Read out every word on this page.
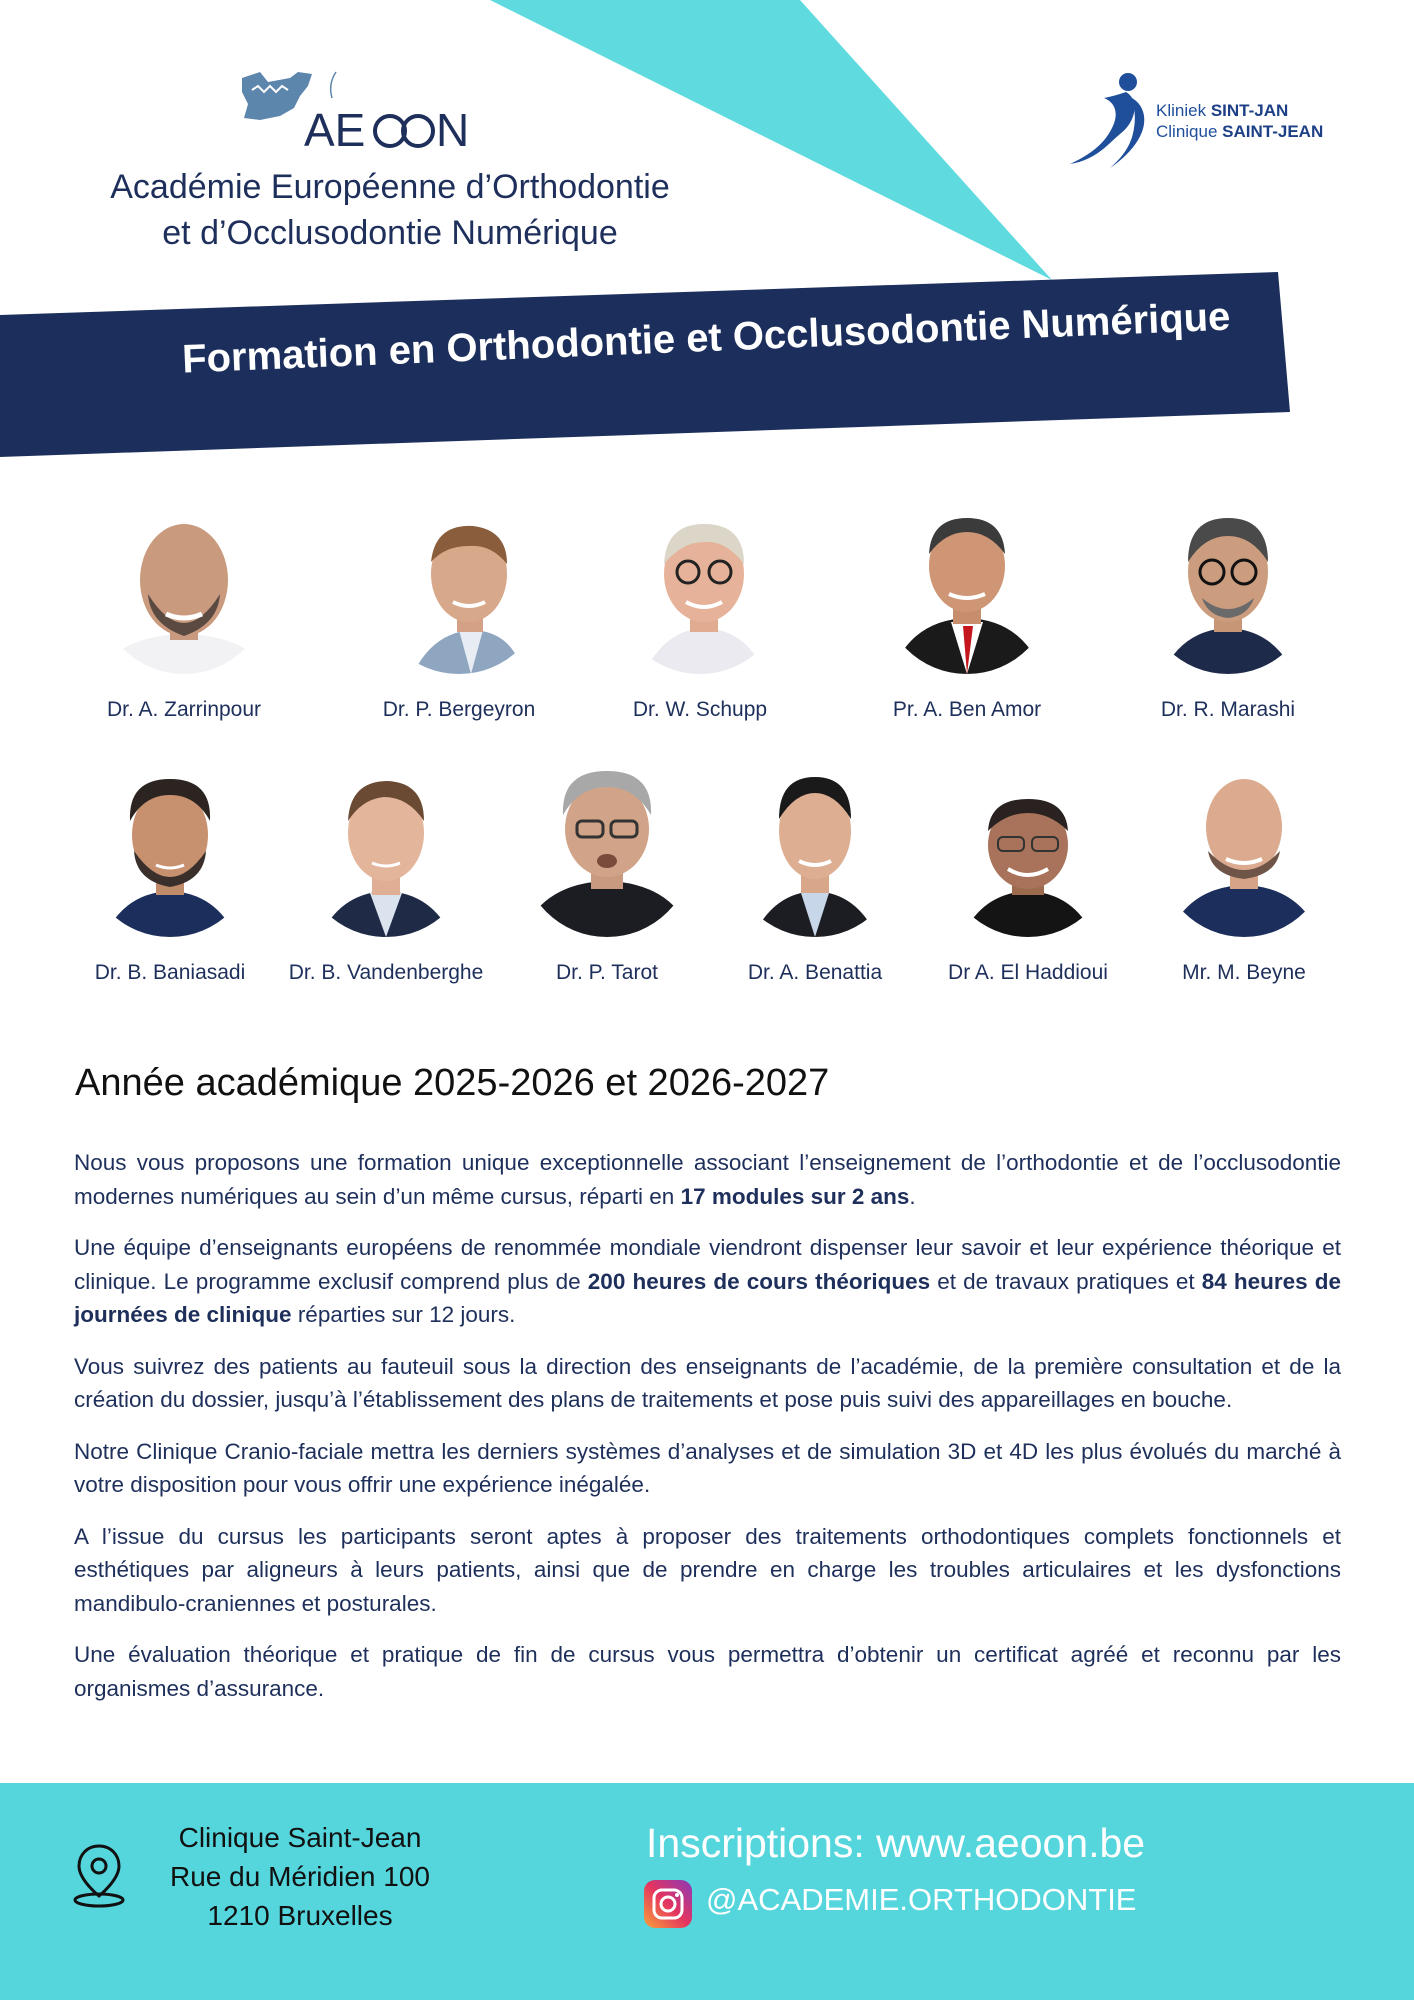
AE N
Académie Européenne d’Orthodontie
et d’Occlusodontie Numérique
Kliniek SINT-JAN
Clinique SAINT-JEAN
Formation en Orthodontie et Occlusodontie Numérique
Dr. A. Zarrinpour	Dr. P. Bergeyron	Dr. W. Schupp	Pr. A. Ben Amor	Dr. R. Marashi
Dr. B. Baniasadi	Dr. B. Vandenberghe	Dr. P. Tarot	Dr. A. Benattia	Dr A. El Haddioui	Mr. M. Beyne
Année académique 2025-2026 et 2026-2027

Nous vous proposons une formation unique exceptionnelle associant l’enseignement de l’orthodontie et de l’occlusodontie modernes numériques au sein d’un même cursus, réparti en 17 modules sur 2 ans.

Une équipe d’enseignants européens de renommée mondiale viendront dispenser leur savoir et leur expérience théorique et clinique. Le programme exclusif comprend plus de 200 heures de cours théoriques et de travaux pratiques et 84 heures de journées de clinique réparties sur 12 jours.

Vous suivrez des patients au fauteuil sous la direction des enseignants de l’académie, de la première consultation et de la création du dossier, jusqu’à l’établissement des plans de traitements et pose puis suivi des appareillages en bouche.

Notre Clinique Cranio-faciale mettra les derniers systèmes d’analyses et de simulation 3D et 4D les plus évolués du marché à votre disposition pour vous offrir une expérience inégalée.

A l’issue du cursus les participants seront aptes à proposer des traitements orthodontiques complets fonctionnels et esthétiques par aligneurs à leurs patients, ainsi que de prendre en charge les troubles articulaires et les dysfonctions mandibulo-craniennes et posturales.

Une évaluation théorique et pratique de fin de cursus vous permettra d’obtenir un certificat agréé et reconnu par les organismes d’assurance.

Clinique Saint-Jean
Rue du Méridien 100
1210 Bruxelles
Inscriptions: www.aeoon.be
@ACADEMIE.ORTHODONTIE
